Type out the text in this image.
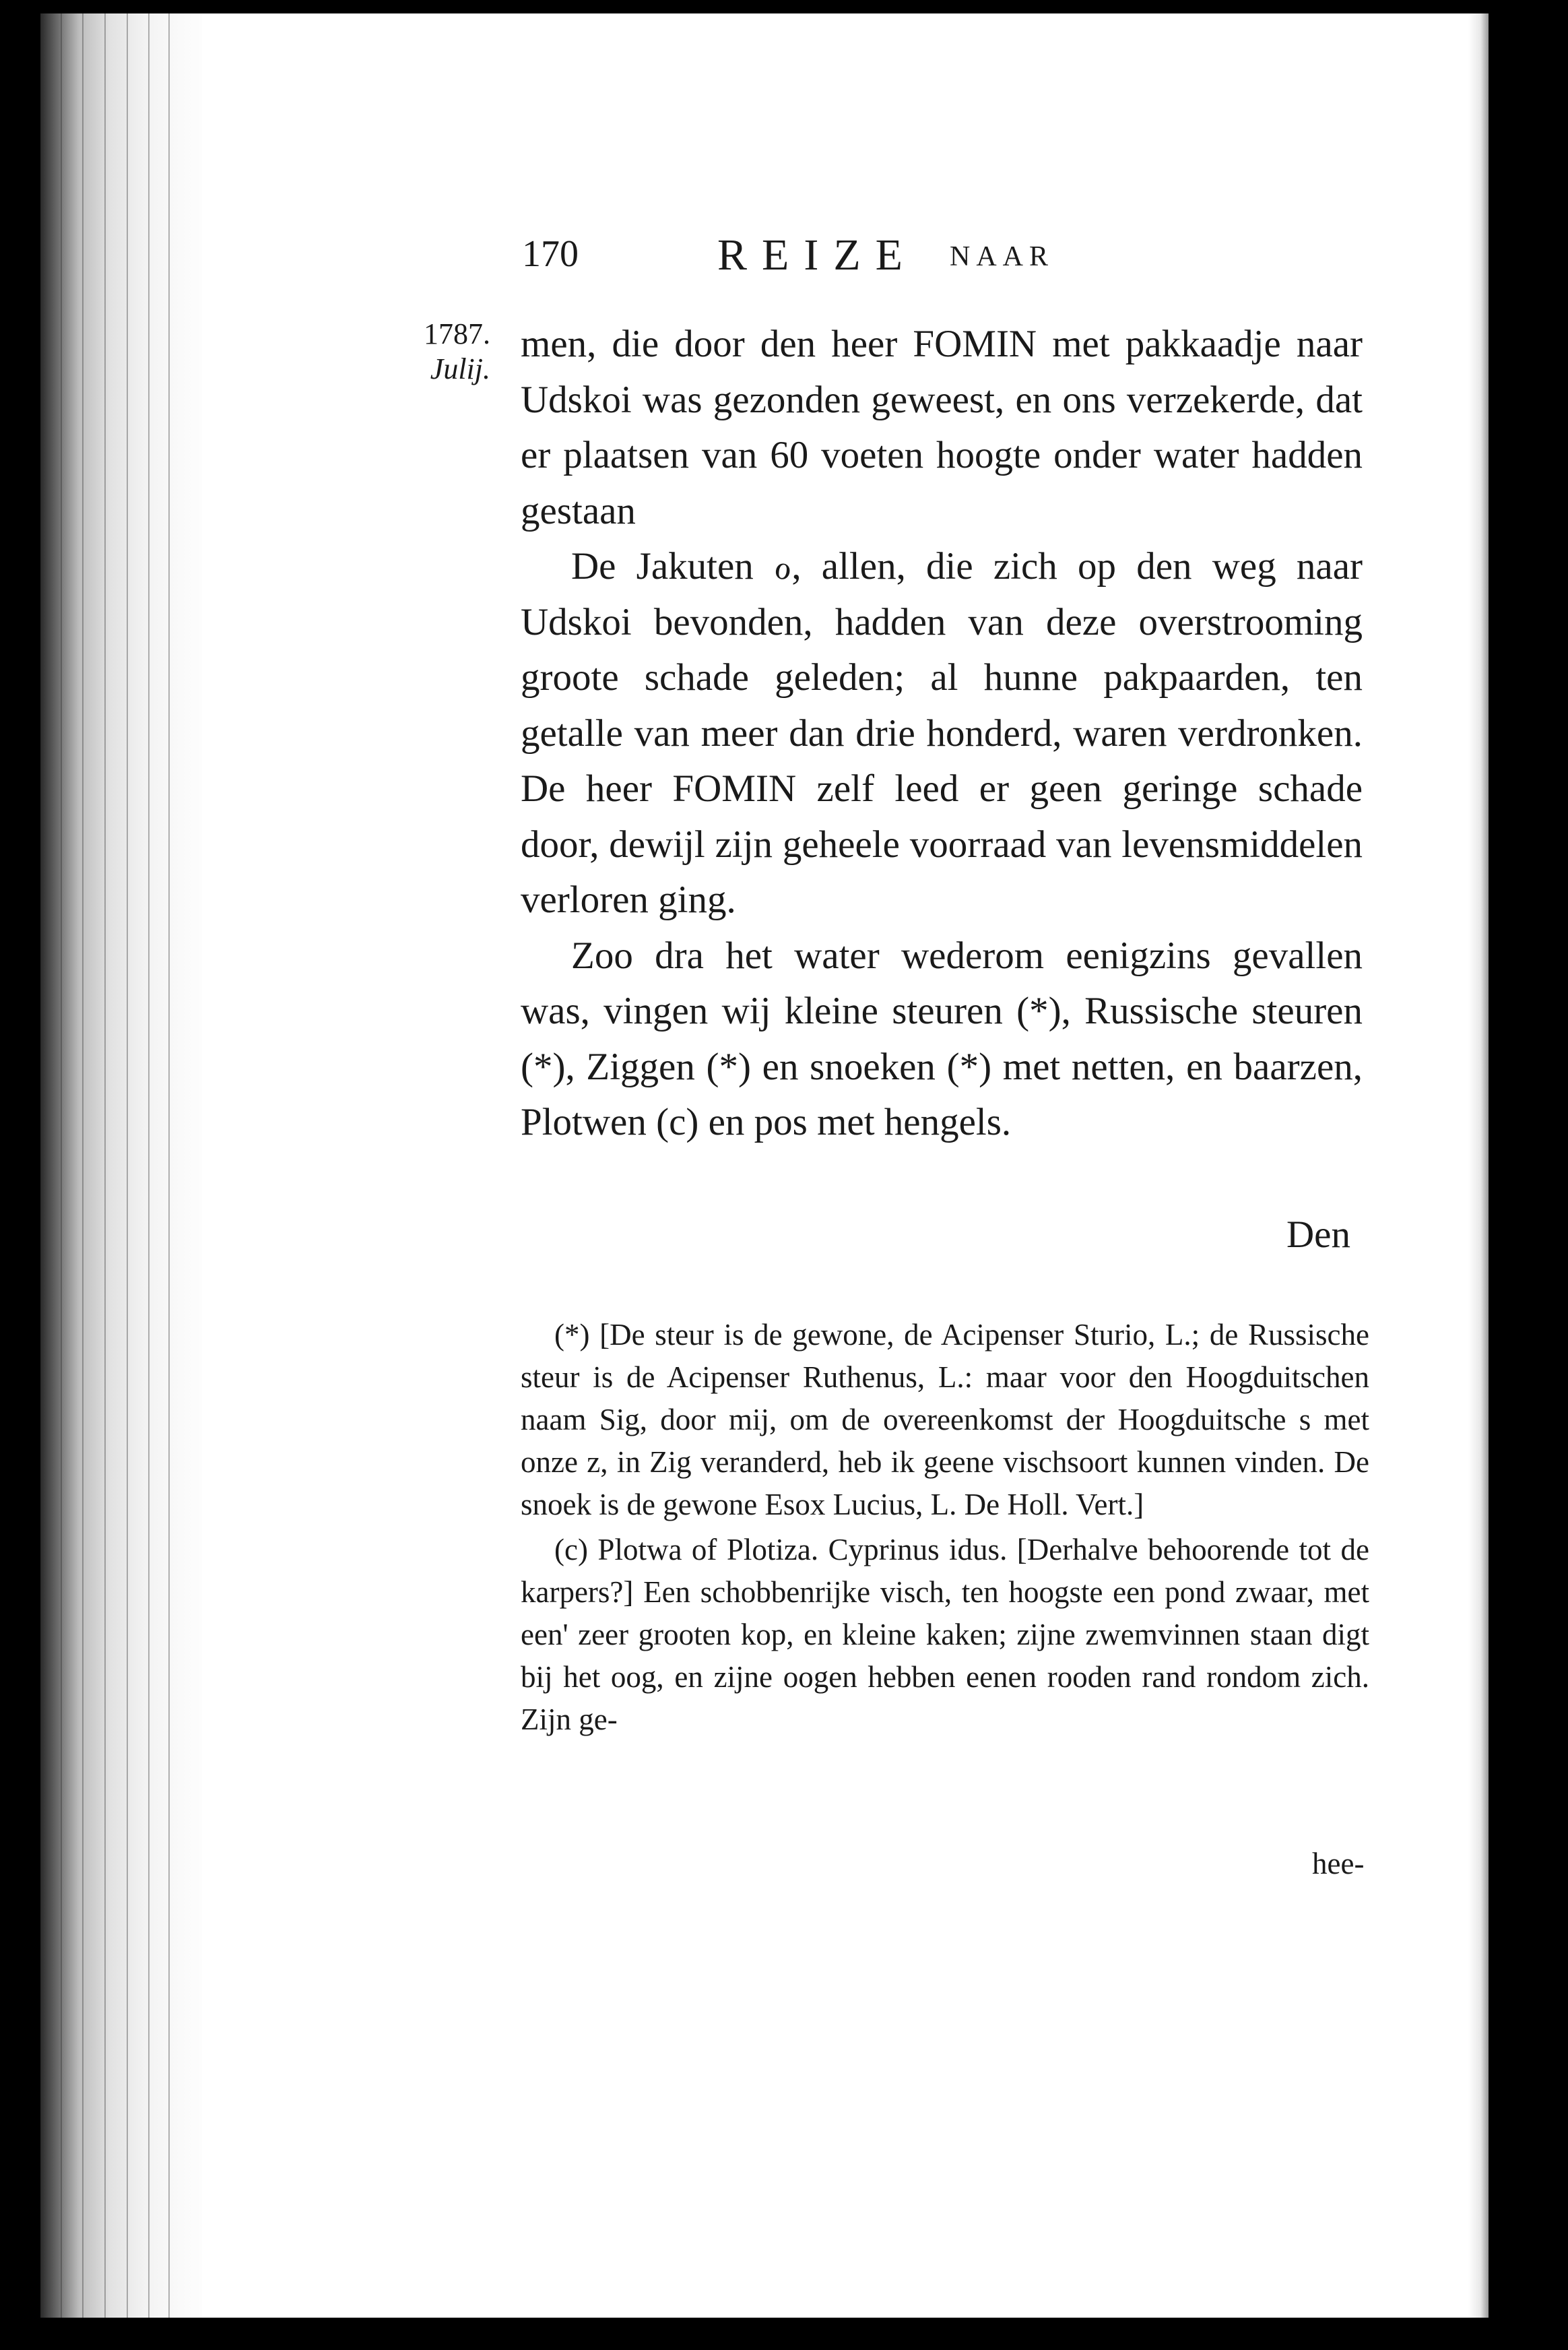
170	REIZE NAAR
1787.
Julij.

men, die door den heer FOMIN met pakkaadje naar Udskoi was gezonden geweest, en ons verzekerde, dat er plaatsen van 60 voeten hoogte onder water hadden gestaan

De Jakuten ℴ, allen, die zich op den weg naar Udskoi bevonden, hadden van deze overstrooming groote schade geleden; al hunne pakpaarden, ten getalle van meer dan drie honderd, waren verdronken. De heer FOMIN zelf leed er geen geringe schade door, dewijl zijn geheele voorraad van levensmiddelen verloren ging.

Zoo dra het water wederom eenigzins gevallen was, vingen wij kleine steuren (*), Russische steuren (*), Ziggen (*) en snoeken (*) met netten, en baarzen, Plotwen (c) en pos met hengels.

Den

(*) [De steur is de gewone, de Acipenser Sturio, L.; de Russische steur is de Acipenser Ruthenus, L.: maar voor den Hoogduitschen naam Sig, door mij, om de overeenkomst der Hoogduitsche s met onze z, in Zig veranderd, heb ik geene vischsoort kunnen vinden. De snoek is de gewone Esox Lucius, L. De Holl. Vert.]

(c) Plotwa of Plotiza. Cyprinus idus. [Derhalve behoorende tot de karpers?] Een schobbenrijke visch, ten hoogste een pond zwaar, met een' zeer grooten kop, en kleine kaken; zijne zwemvinnen staan digt bij het oog, en zijne oogen hebben eenen rooden rand rondom zich. Zijn ge-

hee-
